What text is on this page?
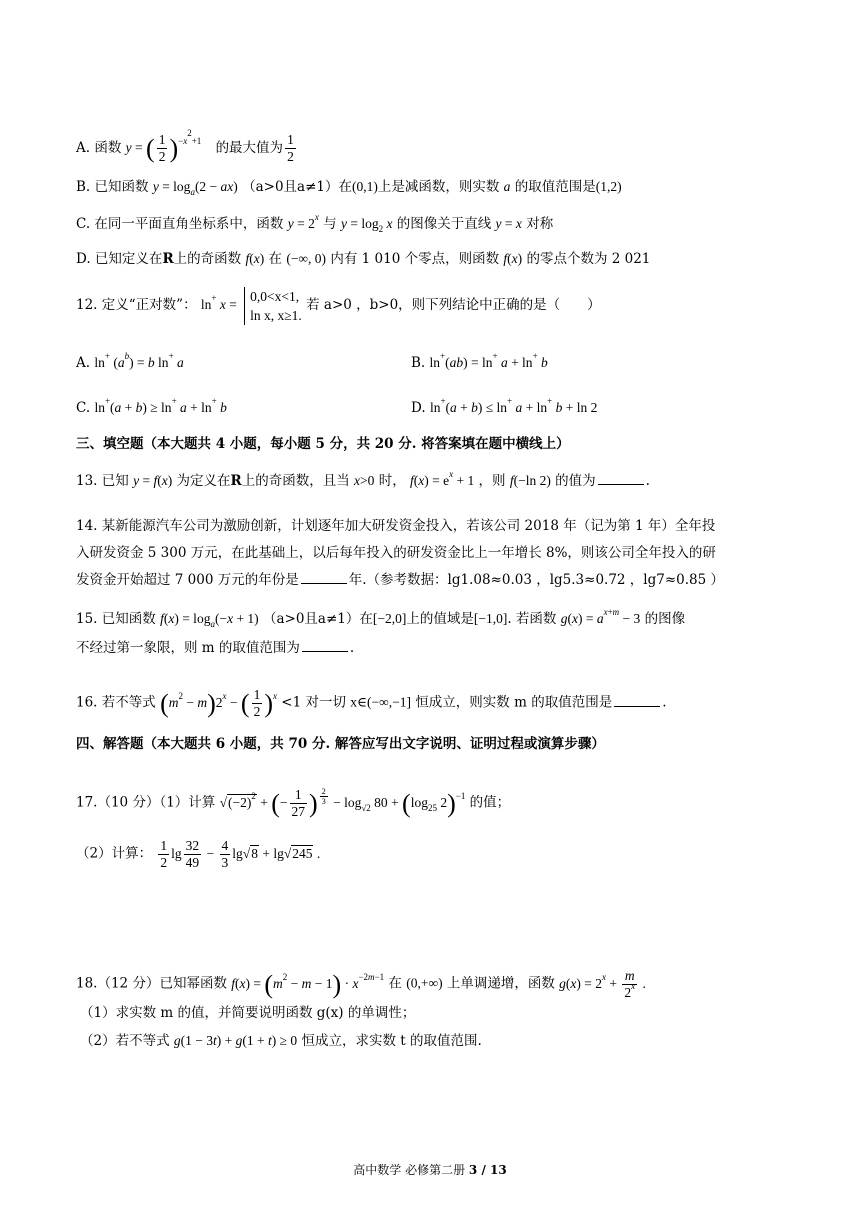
A. 函数 y = ( $\frac{1}{2} )^{-x^2+1}$ 的最大值为 $\frac{1}{2}$
B. 已知函数 $y = \log_a(2 - ax)$ （a>0且a≠1）在(0,1)上是减函数，则实数 a 的取值范围是(1,2)
C. 在同一平面直角坐标系中，函数 $y = 2^x$ 与 $y = \log_2 x$ 的图像关于直线 y = x 对称
D. 已知定义在R上的奇函数 f(x) 在 (−∞, 0) 内有 1 010 个零点，则函数 f(x) 的零点个数为 2 021
12. 定义“正对数”： ln+ x =
0,0<x<1,
ln x, x≥1.
若 a>0 ，b>0，则下列结论中正确的是（　　）
A. $\ln^+ (a^b) = b$ ln+ a	B. ln+(ab) = ln+ a + ln+ b
C. ln+(a + b) ≥ ln+ a + ln+ b	D. ln+(a + b) ≤ ln+ a + ln+ b + ln 2
三、填空题（本大题共 4 小题，每小题 5 分，共 20 分. 将答案填在题中横线上）
13. 已知 y = f(x) 为定义在R上的奇函数，且当 x>0 时， $f(x) = e^x + 1$ ，则 f(−ln 2) 的值为	.
14. 某新能源汽车公司为激励创新，计划逐年加大研发资金投入，若该公司 2018 年（记为第 1 年）全年投
入研发资金 5 300 万元，在此基础上，以后每年投入的研发资金比上一年增长 8%，则该公司全年投入的研
发资金开始超过 7 000 万元的年份是	年.（参考数据：lg1.08≈0.03 ，lg5.3≈0.72 ，lg7≈0.85 ）
15. 已知函数 $f(x) = \log_a(-x + 1)$ （a>0且a≠1）在[−2,0]上的值域是[−1,0]. 若函数 $g(x) = a^{x+m} - 3$ 的图像
不经过第一象限，则 m 的取值范围为	.
16. 若不等式 $(m^2 - m)2^x$ − ( $\frac{1}{2} )^x <1$ 对一切 x∈(−∞,−1] 恒成立，则实数 m 的取值范围是	.
四、解答题（本大题共 6 小题，共 70 分. 解答应写出文字说明、证明过程或演算步骤）
17.（10 分）（1）计算 $√(-2)^2$ + (− $\frac{1}{27}$ ) $^{\frac{2}{3}} - \log_{√2} 80 + (\log_{25}$ 2)$^{-1}$ 的值；
（2）计算： $\frac{1}{2}$ $\lg \frac{32}{49} - \frac{4}{3} \lg√8 + \lg√245$ .
18.（12 分）已知幂函数 $f(x) = (m^2 - m - 1) \cdot x^{-2m-1}$ 在 (0,+∞) 上单调递增，函数 $g(x) = 2^x + \frac{m}{2^x}$ .
（1）求实数 m 的值，并简要说明函数 g(x) 的单调性；
（2）若不等式 g(1 − 3t) + g(1 + t) ≥ 0 恒成立，求实数 t 的取值范围.
高中数学 必修第二册 3 / 13
